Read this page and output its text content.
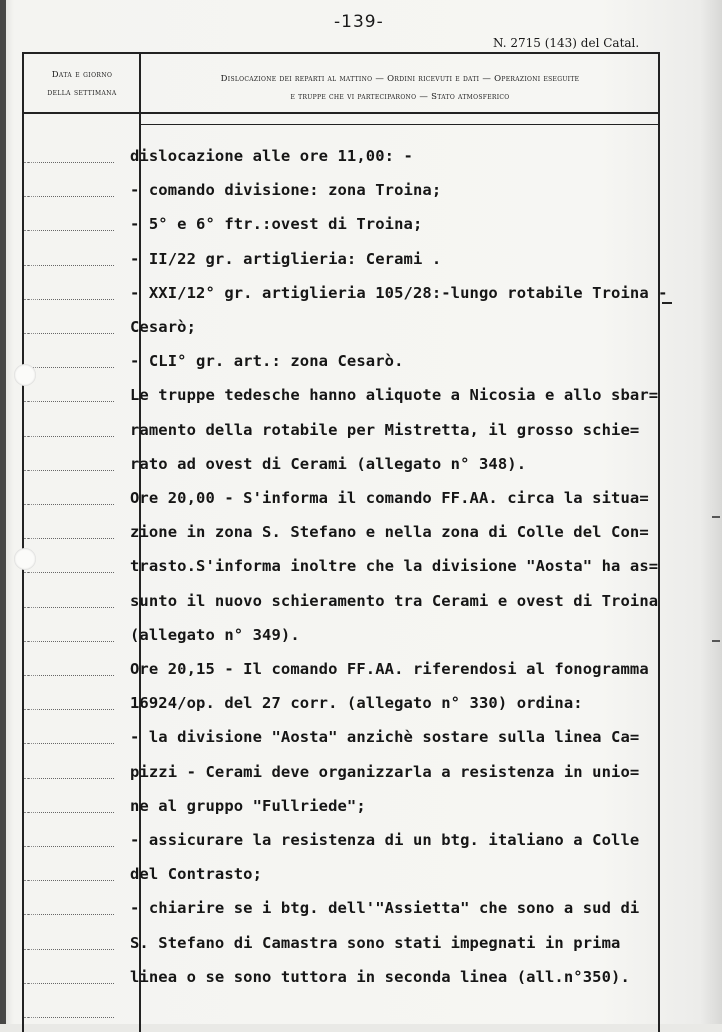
-139-
N. 2715 (143) del Catal.
Data e giorno
della settimana
Dislocazione dei reparti al mattino — Ordini ricevuti e dati — Operazioni eseguite
e truppe che vi parteciparono — Stato atmosferico
dislocazione alle ore 11,00: -
- comando divisione: zona Troina;
- 5° e 6° ftr.:ovest di Troina;
- II/22 gr. artiglieria: Cerami .
- XXI/12° gr. artiglieria 105/28:-lungo rotabile Troina -
Cesarò;
- CLI° gr. art.: zona Cesarò.
Le truppe tedesche hanno aliquote a Nicosia e allo sbar=
ramento della rotabile per Mistretta, il grosso schie=
rato ad ovest di Cerami (allegato n° 348).
Ore 20,00 - S'informa il comando FF.AA. circa la situa=
zione in zona S. Stefano e nella zona di Colle del Con=
trasto.S'informa inoltre che la divisione "Aosta" ha as=
sunto il nuovo schieramento tra Cerami e ovest di Troina
(allegato n° 349).
Ore 20,15 - Il comando FF.AA. riferendosi al fonogramma
16924/op. del 27 corr. (allegato n° 330) ordina:
- la divisione "Aosta" anzichè sostare sulla linea Ca=
pizzi - Cerami deve organizzarla a resistenza in unio=
ne al gruppo "Fullriede";
- assicurare la resistenza di un btg. italiano a Colle
del Contrasto;
- chiarire se i btg. dell'"Assietta" che sono a sud di
S. Stefano di Camastra sono stati impegnati in prima
linea o se sono tuttora in seconda linea (all.n°350).
